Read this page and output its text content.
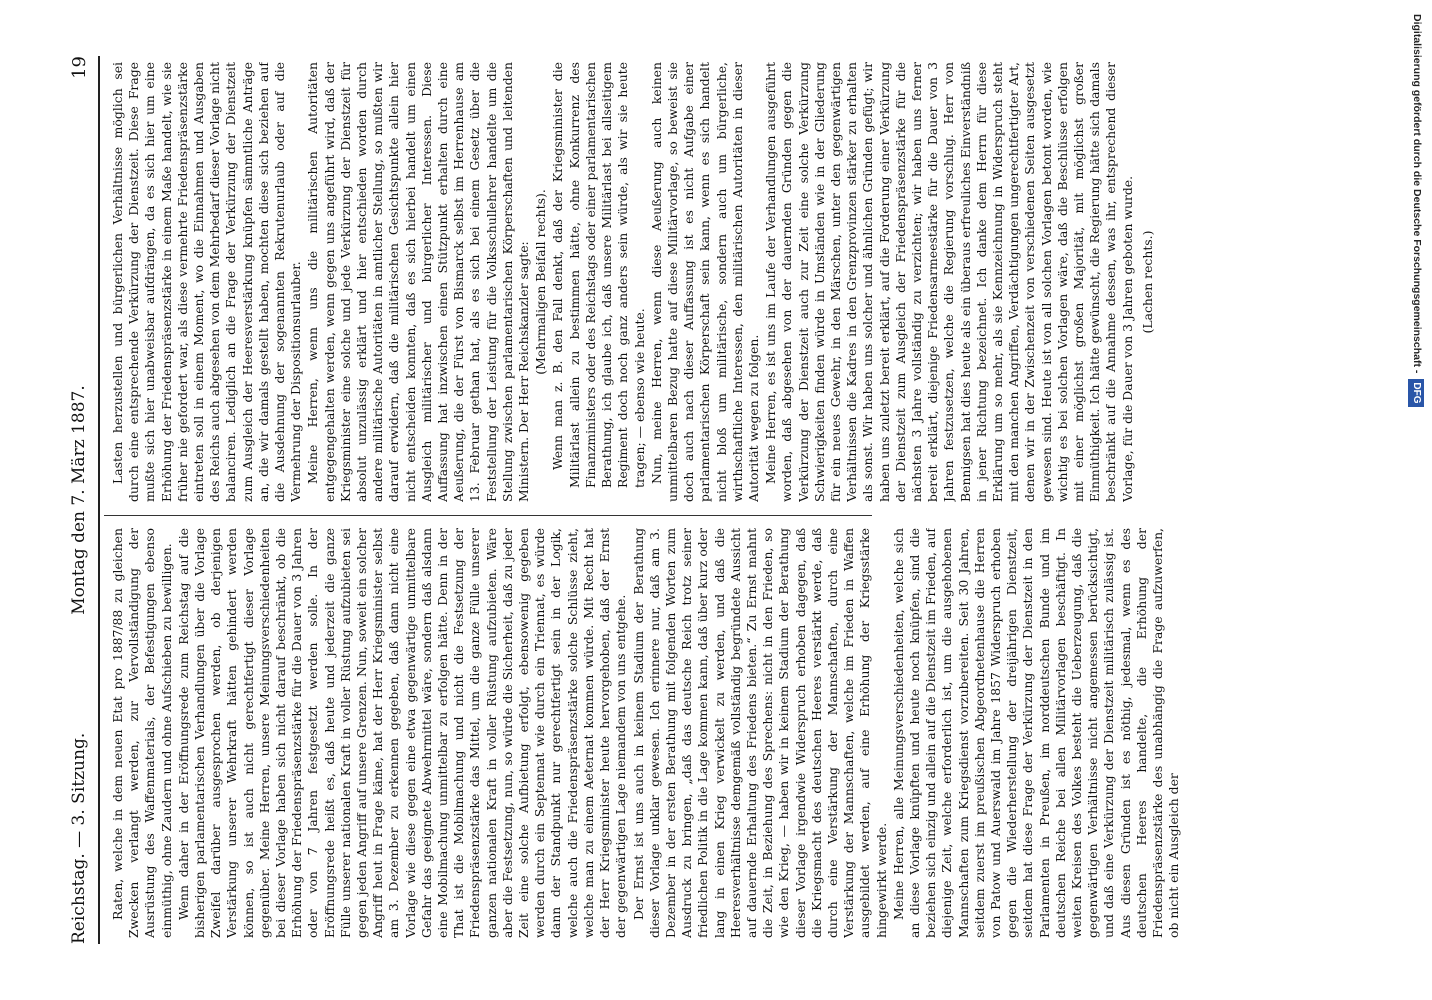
Reichstag. — 3. Sitzung.
Montag den 7. März 1887.
19

Raten, welche in dem neuen Etat pro 1887/88 zu gleichen Zwecken verlangt werden, zur Vervollständigung der Ausrüstung des Waffenmaterials, der Befestigungen ebenso einmüthig, ohne Zaudern und ohne Aufschieben zu bewilligen. Wenn daher in der Eröffnungsrede zum Reichstag auf die bisherigen parlamentarischen Verhandlungen über die Vorlage Zweifel darüber ausgesprochen werden, ob derjenigen Verstärkung unserer Wehrkraft hätten gehindert werden können, so ist auch nicht gerechtfertigt dieser Vorlage gegenüber. Meine Herren, unsere Meinungsverschiedenheiten bei dieser Vorlage haben sich nicht darauf beschränkt, ob die Erhöhung der Friedenspräsenzstärke für die Dauer von 3 Jahren oder von 7 Jahren festgesetzt werden solle. In der Eröffnungsrede heißt es, daß heute und jederzeit die ganze Fülle unserer nationalen Kraft in voller Rüstung aufzubieten sei gegen jeden Angriff auf unsere Grenzen. Nun, soweit ein solcher Angriff heut in Frage käme, hat der Herr Kriegsminister selbst am 3. Dezember zu erkennen gegeben, daß dann nicht eine Vorlage wie diese gegen eine etwa gegenwärtige unmittelbare Gefahr das geeignete Abwehrmittel wäre, sondern daß alsdann eine Mobilmachung unmittelbar zu erfolgen hätte. Denn in der That ist die Mobilmachung und nicht die Festsetzung der Friedenspräsenzstärke das Mittel, um die ganze Fülle unserer ganzen nationalen Kraft in voller Rüstung aufzubieten. Wäre aber die Festsetzung, nun, so würde die Sicherheit, daß zu jeder Zeit eine solche Aufbietung erfolgt, ebensowenig gegeben werden durch ein Septennat wie durch ein Triennat, es würde dann der Standpunkt nur gerechtfertigt sein in der Logik, welche auch die Friedenspräsenzstärke solche Schlüsse zieht, welche man zu einem Aeternat kommen würde. Mit Recht hat der Herr Kriegsminister heute hervorgehoben, daß der Ernst der gegenwärtigen Lage niemandem von uns entgehe. Der Ernst ist uns auch in keinem Stadium der Berathung dieser Vorlage unklar gewesen. Ich erinnere nur, daß am 3. Dezember in der ersten Berathung mit folgenden Worten zum Ausdruck zu bringen, „daß das deutsche Reich trotz seiner friedlichen Politik in die Lage kommen kann, daß über kurz oder lang in einen Krieg verwickelt zu werden, und daß die Heeresverhältnisse demgemäß vollständig begründete Aussicht auf dauernde Erhaltung des Friedens bieten.“ Zu Ernst mahnt die Zeit, in Beziehung des Sprechens: nicht in den Frieden, so wie den Krieg, — haben wir in keinem Stadium der Berathung dieser Vorlage irgendwie Widerspruch erhoben dagegen, daß die Kriegsmacht des deutschen Heeres verstärkt werde, daß durch eine Verstärkung der Mannschaften, durch eine Verstärkung der Mannschaften, welche im Frieden in Waffen ausgebildet werden, auf eine Erhöhung der Kriegsstärke hingewirkt werde. Meine Herren, alle Meinungsverschiedenheiten, welche sich an diese Vorlage knüpften und heute noch knüpfen, sind die beziehen sich einzig und allein auf die Dienstzeit im Frieden, auf diejenige Zeit, welche erforderlich ist, um die ausgehobenen Mannschaften zum Kriegsdienst vorzubereiten. Seit 30 Jahren, seitdem zuerst im preußischen Abgeordnetenhause die Herren von Patow und Auerswald im Jahre 1857 Widerspruch erhoben gegen die Wiederherstellung der dreijährigen Dienstzeit, seitdem hat diese Frage der Verkürzung der Dienstzeit in den Parlamenten in Preußen, im norddeutschen Bunde und im deutschen Reiche bei allen Militärvorlagen beschäftigt. In weiten Kreisen des Volkes besteht die Ueberzeugung, daß die gegenwärtigen Verhältnisse nicht angemessen berücksichtigt, und daß eine Verkürzung der Dienstzeit militärisch zulässig ist. Aus diesen Gründen ist es nöthig, jedesmal, wenn es des deutschen Heeres handelte, die Erhöhung der Friedenspräsenzstärke des unabhängig die Frage aufzuwerfen, ob nicht ein Ausgleich der

Lasten herzustellen und bürgerlichen Verhältnisse möglich sei durch eine entsprechende Verkürzung der Dienstzeit. Diese Frage mußte sich hier unabweisbar aufdrängen, da es sich hier um eine Erhöhung der Friedenspräsenzstärke in einem Maße handelt, wie sie früher nie gefordert war, als diese vermehrte Friedenspräsenzstärke eintreten soll in einem Moment, wo die Einnahmen und Ausgaben des Reichs auch abgesehen von dem Mehrbedarf dieser Vorlage nicht balanciren. Lediglich an die Frage der Verkürzung der Dienstzeit zum Ausgleich der Heeresverstärkung knüpfen sämmtliche Anträge an, die wir damals gestellt haben, mochten diese sich beziehen auf die Ausdehnung der sogenannten Rekrutenurlaub oder auf die Vermehrung der Dispositionsurlauber. Meine Herren, wenn uns die militärischen Autoritäten entgegengehalten werden, wenn gegen uns angeführt wird, daß der Kriegsminister eine solche und jede Verkürzung der Dienstzeit für absolut unzulässig erklärt und hier entschieden worden durch andere militärische Autoritäten in amtlicher Stellung, so mußten wir darauf erwidern, daß die militärischen Gesichtspunkte allein hier nicht entscheiden konnten, daß es sich hierbei handelt um einen Ausgleich militärischer und bürgerlicher Interessen. Diese Auffassung hat inzwischen einen Stützpunkt erhalten durch eine Aeußerung, die der Fürst von Bismarck selbst im Herrenhause am 13. Februar gethan hat, als es sich bei einem Gesetz über die Feststellung der Leistung für die Volksschullehrer handelte um die Stellung zwischen parlamentarischen Körperschaften und leitenden Ministern. Der Herr Reichskanzler sagte: (Mehrmaligen Beifall rechts). Wenn man z. B. den Fall denkt, daß der Kriegsminister die Militärlast allein zu bestimmen hätte, ohne Konkurrenz des Finanzministers oder des Reichstags oder einer parlamentarischen Berathung, ich glaube ich, daß unsere Militärlast bei allseitigem Regiment doch noch ganz anders sein würde, als wir sie heute tragen; — ebenso wie heute. Nun, meine Herren, wenn diese Aeußerung auch keinen unmittelbaren Bezug hatte auf diese Militärvorlage, so beweist sie doch auch nach dieser Auffassung ist es nicht Aufgabe einer parlamentarischen Körperschaft sein kann, wenn es sich handelt nicht bloß um militärische, sondern auch um bürgerliche, wirthschaftliche Interessen, den militärischen Autoritäten in dieser Autorität wegen zu folgen. Meine Herren, es ist uns im Laufe der Verhandlungen ausgeführt worden, daß abgesehen von der dauernden Gründen gegen die Verkürzung der Dienstzeit auch zur Zeit eine solche Verkürzung Schwierigkeiten finden würde in Umständen wie in der Gliederung für ein neues Gewehr, in den Märschen, unter den gegenwärtigen Verhältnissen die Kadres in den Grenzprovinzen stärker zu erhalten als sonst. Wir haben uns solcher und ähnlichen Gründen gefügt; wir haben uns zuletzt bereit erklärt, auf die Forderung einer Verkürzung der Dienstzeit zum Ausgleich der Friedenspräsenzstärke für die nächsten 3 Jahre vollständig zu verzichten; wir haben uns ferner bereit erklärt, diejenige Friedensarmeestärke für die Dauer von 3 Jahren festzusetzen, welche die Regierung vorschlug. Herr von Bennigsen hat dies heute als ein überaus erfreuliches Einverständniß in jener Richtung bezeichnet. Ich danke dem Herrn für diese Erklärung um so mehr, als sie Kennzeichnung in Widerspruch steht mit den manchen Angriffen, Verdächtigungen ungerechtfertigter Art, denen wir in der Zwischenzeit von verschiedenen Seiten ausgesetzt gewesen sind. Heute ist von all solchen Vorlagen betont worden, wie wichtig es bei solchen Vorlagen wäre, daß die Beschlüsse erfolgen mit einer möglichst großen Majorität, mit möglichst großer Einmüthigkeit. Ich hätte gewünscht, die Regierung hätte sich damals beschränkt auf die Annahme dessen, was ihr, entsprechend dieser Vorlage, für die Dauer von 3 Jahren geboten wurde. (Lachen rechts.)	Digitalisierung gefördert durch die Deutsche Forschungsgemeinschaft -DFG
